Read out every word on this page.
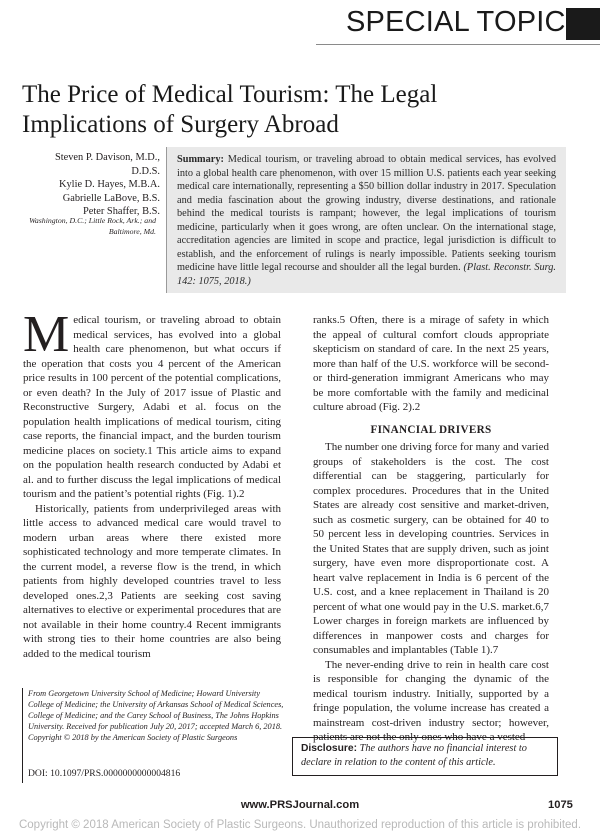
SPECIAL TOPIC
The Price of Medical Tourism: The Legal Implications of Surgery Abroad
Steven P. Davison, M.D.,
D.D.S.
Kylie D. Hayes, M.B.A.
Gabrielle LaBove, B.S.
Peter Shaffer, B.S.
Washington, D.C.; Little Rock, Ark.; and Baltimore, Md.
Summary: Medical tourism, or traveling abroad to obtain medical services, has evolved into a global health care phenomenon, with over 15 million U.S. patients each year seeking medical care internationally, representing a $50 billion dollar industry in 2017. Speculation and media fascination about the growing industry, diverse destinations, and rationale behind the medical tourists is rampant; however, the legal implications of tourism medicine, particularly when it goes wrong, are often unclear. On the international stage, accreditation agencies are limited in scope and practice, legal jurisdiction is difficult to establish, and the enforcement of rulings is nearly impossible. Patients seeking tourism medicine have little legal recourse and shoulder all the legal burden. (Plast. Reconstr. Surg. 142: 1075, 2018.)

Medical tourism, or traveling abroad to obtain medical services, has evolved into a global health care phenomenon, but what occurs if the operation that costs you 4 percent of the American price results in 100 percent of the potential complications, or even death? In the July of 2017 issue of Plastic and Reconstructive Surgery, Adabi et al. focus on the population health implications of medical tourism, citing case reports, the financial impact, and the burden tourism medicine places on society.1 This article aims to expand on the population health research conducted by Adabi et al. and to further discuss the legal implications of medical tourism and the patient’s potential rights (Fig. 1).2

Historically, patients from underprivileged areas with little access to advanced medical care would travel to modern urban areas where there existed more sophisticated technology and more temperate climates. In the current model, a reverse flow is the trend, in which patients from highly developed countries travel to less developed ones.2,3 Patients are seeking cost saving alternatives to elective or experimental procedures that are not available in their home country.4 Recent immigrants with strong ties to their home countries are also being added to the medical tourism

ranks.5 Often, there is a mirage of safety in which the appeal of cultural comfort clouds appropriate skepticism on standard of care. In the next 25 years, more than half of the U.S. workforce will be second- or third-generation immigrant Americans who may be more comfortable with the family and medicinal culture abroad (Fig. 2).2

FINANCIAL DRIVERS

The number one driving force for many and varied groups of stakeholders is the cost. The cost differential can be staggering, particularly for complex procedures. Procedures that in the United States are already cost sensitive and market-driven, such as cosmetic surgery, can be obtained for 40 to 50 percent less in developing countries. Services in the United States that are supply driven, such as joint surgery, have even more disproportionate cost. A heart valve replacement in India is 6 percent of the U.S. cost, and a knee replacement in Thailand is 20 percent of what one would pay in the U.S. market.6,7 Lower charges in foreign markets are influenced by differences in manpower costs and charges for consumables and implantables (Table 1).7

The never-ending drive to rein in health care cost is responsible for changing the dynamic of the medical tourism industry. Initially, supported by a fringe population, the volume increase has created a mainstream cost-driven industry sector; however, patients are not the only ones who have a vested

From Georgetown University School of Medicine; Howard University College of Medicine; the University of Arkansas School of Medical Sciences, College of Medicine; and the Carey School of Business, The Johns Hopkins University. Received for publication July 20, 2017; accepted March 6, 2018.
Copyright © 2018 by the American Society of Plastic Surgeons
DOI: 10.1097/PRS.0000000000004816
Disclosure: The authors have no financial interest to declare in relation to the content of this article.
www.PRSJournal.com	1075
Copyright © 2018 American Society of Plastic Surgeons. Unauthorized reproduction of this article is prohibited.
